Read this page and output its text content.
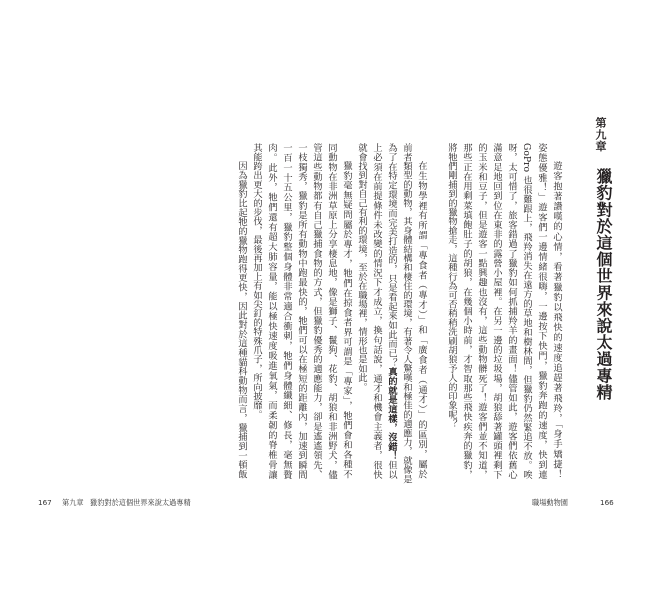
第九章
獵豹對於這個世界來說太過專精
遊客抱著讚嘆的心情，看著獵豹以飛快的速度追趕著飛羚，「身手矯捷！
姿態優雅！」遊客們一邊情緒很嗨，一邊按下快門，獵豹奔跑的速度，快到連
GoPro 也很難跟上，飛羚消失在遠方的草地和樹林間，但獵豹仍然緊追不放。唉
呀，太可惜了，旅客錯過了獵豹如何抓捕羚羊的畫面！儘管如此，遊客們依舊心
滿意足地回到位在東非的露營小屋裡。在另一邊的垃圾場，胡狼舔著罐頭裡剩下
的玉米和豆子，但是遊客一點興趣也沒有，這些動物髒死了！遊客們並不知道，
那些正在用剩菜填飽肚子的胡狼，在幾個小時前，才智取那些飛快疾奔的獵豹，
將牠們剛捕到的獵物搶走，這種行為可否稍稍洗刷胡狼予人的印象呢？
在生物學裡有所謂「專食者（專才）」和「廣食者（通才）」的區別，屬於
前者類型的動物，其身體結構和棲住的環境，有著令人驚嘆和極佳的適應力，就像是
為了在特定環境而完美打造的，只是看起來如此而已？真的就是這樣，沒錯！但以
上必須在前提條件未改變的情況下才成立，換句話說，通才和機會主義者，很快
就會找到對自己有利的環境，至於在職場裡，情形也是如此。
獵豹毫無疑問屬於專才，牠們在掠食者界可謂是「專家」，牠們會和各種不
同動物在非洲草原上分享棲息地，像是獅子、鬣狗、花豹、胡狼和非洲野犬，儘
管這些動物都有自己獵捕食物的方式，但獵豹優秀的適應能力，卻是遙遙領先、
一枝獨秀，獵豹是所有動物中跑最快的，牠們可以在極短的距離內，加速到瞬間
一百一十五公里，獵豹整個身體非常適合衝刺，牠們身體纖細、修長，毫無贅
肉。此外，牠們還有超大肺容量，能以極快速度吸進氧氣，而柔韌的脊椎骨讓
其能跨出更大的步伐，最後再加上有如尖釘的特殊爪子，所向披靡。
因為獵豹比起牠的獵物跑得更快，因此對於這種貓科動物而言，獵捕到一頓飯
167 第九章 獵豹對於這個世界來說太過專精	職場動物園	166
